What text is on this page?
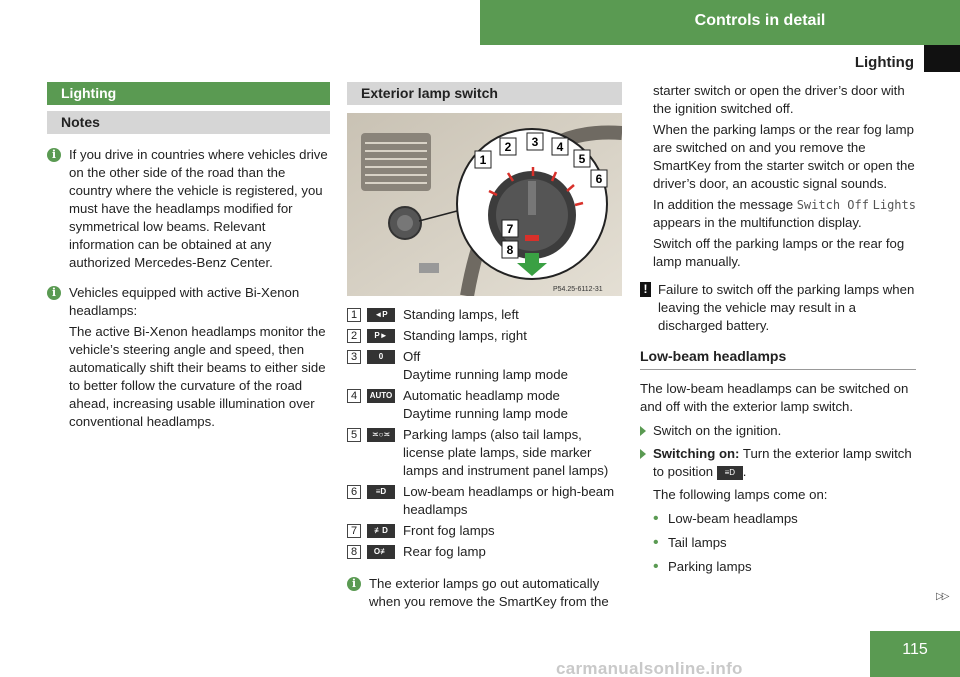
Controls in detail
Lighting
Lighting
Notes
i If you drive in countries where vehicles drive on the other side of the road than the country where the vehicle is registered, you must have the headlamps modified for symmetrical low beams. Relevant information can be obtained at any authorized Mercedes-Benz Center.

i Vehicles equipped with active Bi-Xenon headlamps:

The active Bi-Xenon headlamps monitor the vehicle’s steering angle and speed, then automatically shift their beams to either side to better follow the curvature of the road ahead, increasing usable illumination over conventional headlamps.

Exterior lamp switch
P54.25-6112-31
1
2 3 4
5
6
7
8
1	◄P	Standing lamps, left
2	P►	Standing lamps, right
3	0	Off
Daytime running lamp mode
4	AUTO Automatic headlamp mode
Daytime running lamp mode
5	≍○≍ Parking lamps (also tail lamps, license plate lamps, side marker lamps and instrument panel lamps)
6	≡D	Low-beam headlamps or high-beam headlamps
7	≢D	Front fog lamps
8	O≢	Rear fog lamp
i The exterior lamps go out automatically when you remove the SmartKey from the

starter switch or open the driver’s door with the ignition switched off.

When the parking lamps or the rear fog lamp are switched on and you remove the SmartKey from the starter switch or open the driver’s door, an acoustic signal sounds.

In addition the message Switch Off Lights appears in the multifunction display.

Switch off the parking lamps or the rear fog lamp manually.

! Failure to switch off the parking lamps when leaving the vehicle may result in a discharged battery.

Low-beam headlamps

The low-beam headlamps can be switched on and off with the exterior lamp switch.

Switch on the ignition.
Switching on: Turn the exterior lamp switch to position ≡D .

The following lamps come on:

• Low-beam headlamps
• Tail lamps
• Parking lamps
▷▷
115
carmanualsonline.info
